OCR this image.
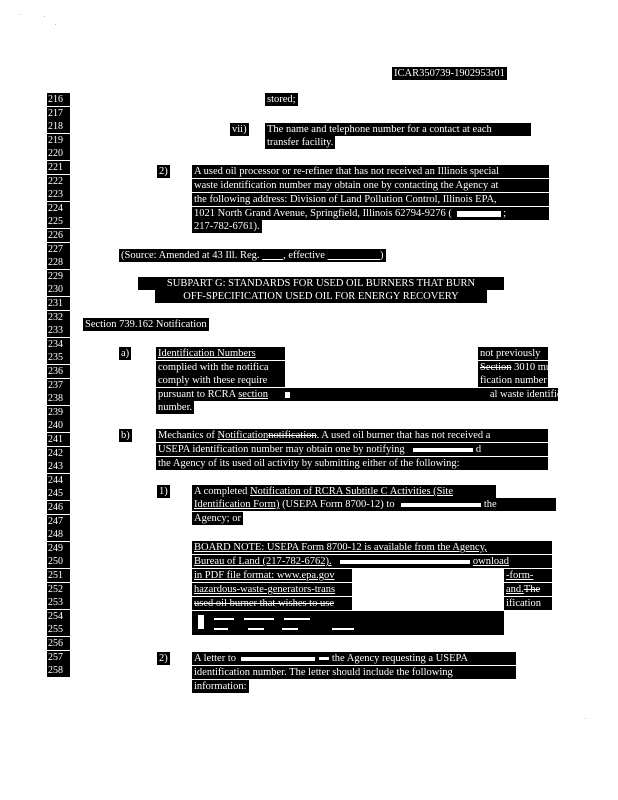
ICAR350739-1902953r01
216
217
218
219
220
221
222
223
224
225
226
227
228
229
230
231
232
233
234
235
236
237
238
239
240
241
242
243
244
245
246
247
248
249
250
251
252
253
254
255
256
257
258
stored;
vii) The name and telephone number for a contact at each
transfer facility.
2)	A used oil processor or re-refiner that has not received an Illinois special
waste identification number may obtain one by contacting the Agency at
the following address: Division of Land Pollution Control, Illinois EPA,
1021 North Grand Avenue, Springfield, Illinois 62794-9276 (	;
217-782-6761).
(Source: Amended at 43 Ill. Reg. , effective	)
SUBPART G: STANDARDS FOR USED OIL BURNERS THAT BURN
OFF-SPECIFICATION USED OIL FOR ENERGY RECOVERY
Section 739.162 Notification
a)	Identification Numbers	not previously
complied with the notifica	Section 3010 must
comply with these require	fication number
pursuant to RCRA section	al waste identification
number.
b)	Mechanics of Notificationnotification. A used oil burner that has not received a
USEPA identification number may obtain one by notifying	d
the Agency of its used oil activity by submitting either of the following:
1)	A completed Notification of RCRA Subtitle C Activities (Site
Identification Form) (USEPA Form 8700-12) to	the
Agency; or
BOARD NOTE: USEPA Form 8700-12 is available from the Agency,
Bureau of Land (217-782-6762).	ownload
in PDF file format: www.epa.gov	-form-
hazardous-waste-generators-trans	and.The
used oil burner that wishes to use	ification
2)	A letter to	the Agency requesting a USEPA
identification number. The letter should include the following
information:
